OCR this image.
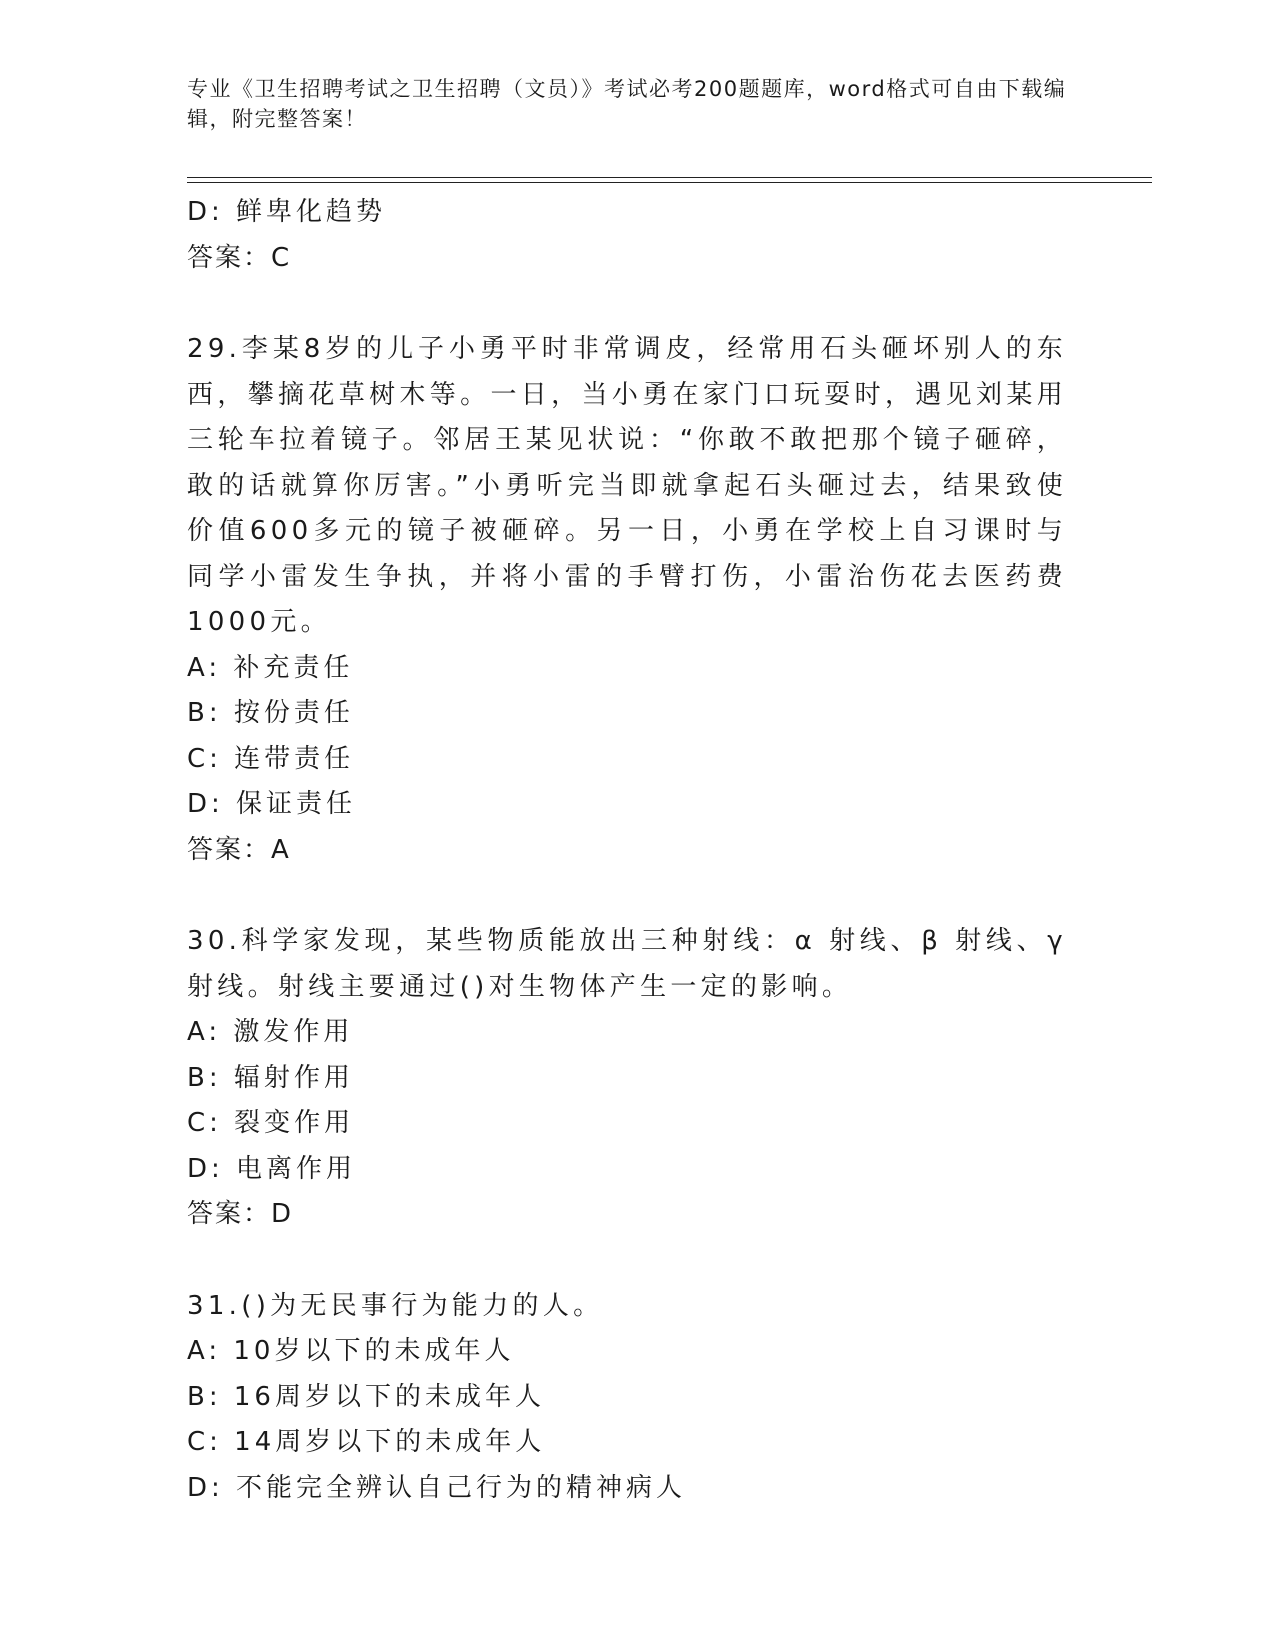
专业《卫生招聘考试之卫生招聘（文员）》考试必考200题题库，word格式可自由下载编辑，附完整答案！
D: 鲜卑化趋势
答案：C
29.李某8岁的儿子小勇平时非常调皮，经常用石头砸坏别人的东西，攀摘花草树木等。一日，当小勇在家门口玩耍时，遇见刘某用三轮车拉着镜子。邻居王某见状说：“你敢不敢把那个镜子砸碎，敢的话就算你厉害。”小勇听完当即就拿起石头砸过去，结果致使价值600多元的镜子被砸碎。另一日，小勇在学校上自习课时与同学小雷发生争执，并将小雷的手臂打伤，小雷治伤花去医药费1000元。
A: 补充责任
B: 按份责任
C: 连带责任
D: 保证责任
答案：A
30.科学家发现，某些物质能放出三种射线：α 射线、β 射线、γ 射线。射线主要通过()对生物体产生一定的影响。
A: 激发作用
B: 辐射作用
C: 裂变作用
D: 电离作用
答案：D
31.()为无民事行为能力的人。
A: 10岁以下的未成年人
B: 16周岁以下的未成年人
C: 14周岁以下的未成年人
D: 不能完全辨认自己行为的精神病人
